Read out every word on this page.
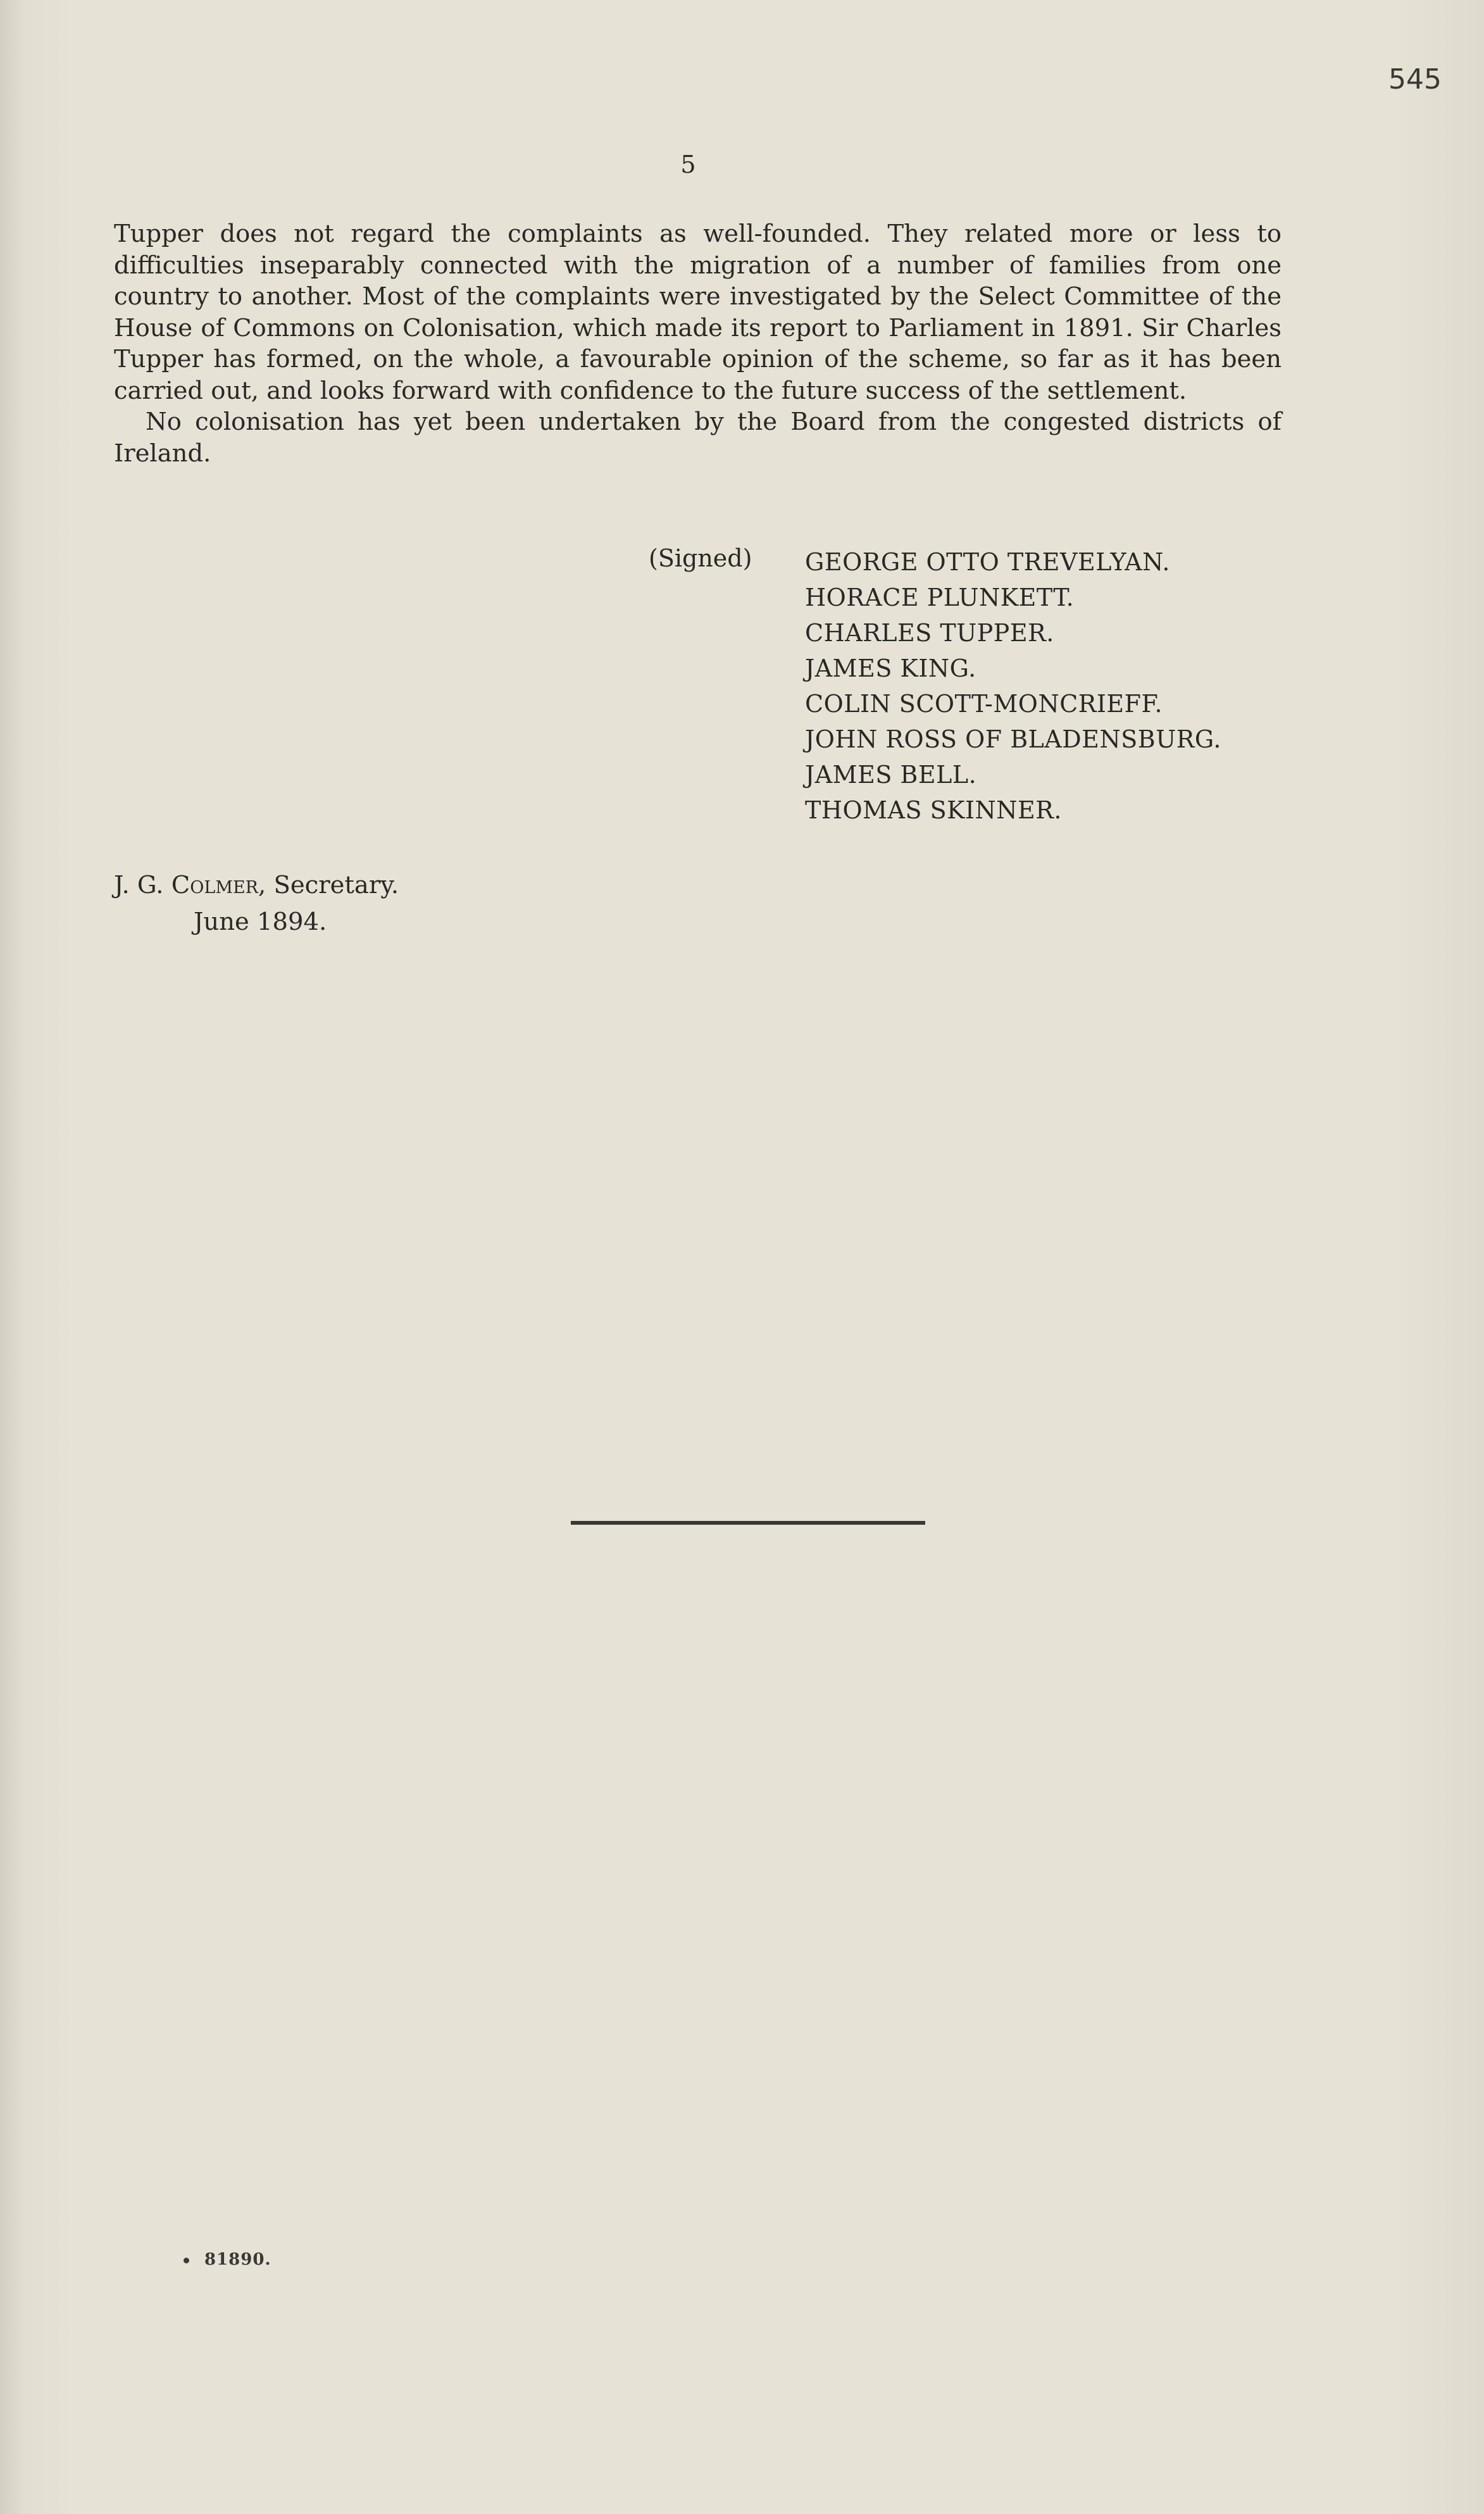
545
5

Tupper does not regard the complaints as well-founded. They related more or less to difficulties inseparably connected with the migration of a number of families from one country to another. Most of the complaints were investigated by the Select Committee of the House of Commons on Colonisation, which made its report to Parliament in 1891. Sir Charles Tupper has formed, on the whole, a favourable opinion of the scheme, so far as it has been carried out, and looks forward with confidence to the future success of the settlement.

No colonisation has yet been undertaken by the Board from the congested districts of Ireland.

(Signed) GEORGE OTTO TREVELYAN.
HORACE PLUNKETT.
CHARLES TUPPER.
JAMES KING.
COLIN SCOTT-MONCRIEFF.
JOHN ROSS OF BLADENSBURG.
JAMES BELL.
THOMAS SKINNER.
J. G. Colmer, Secretary.
June 1894.
81890.
